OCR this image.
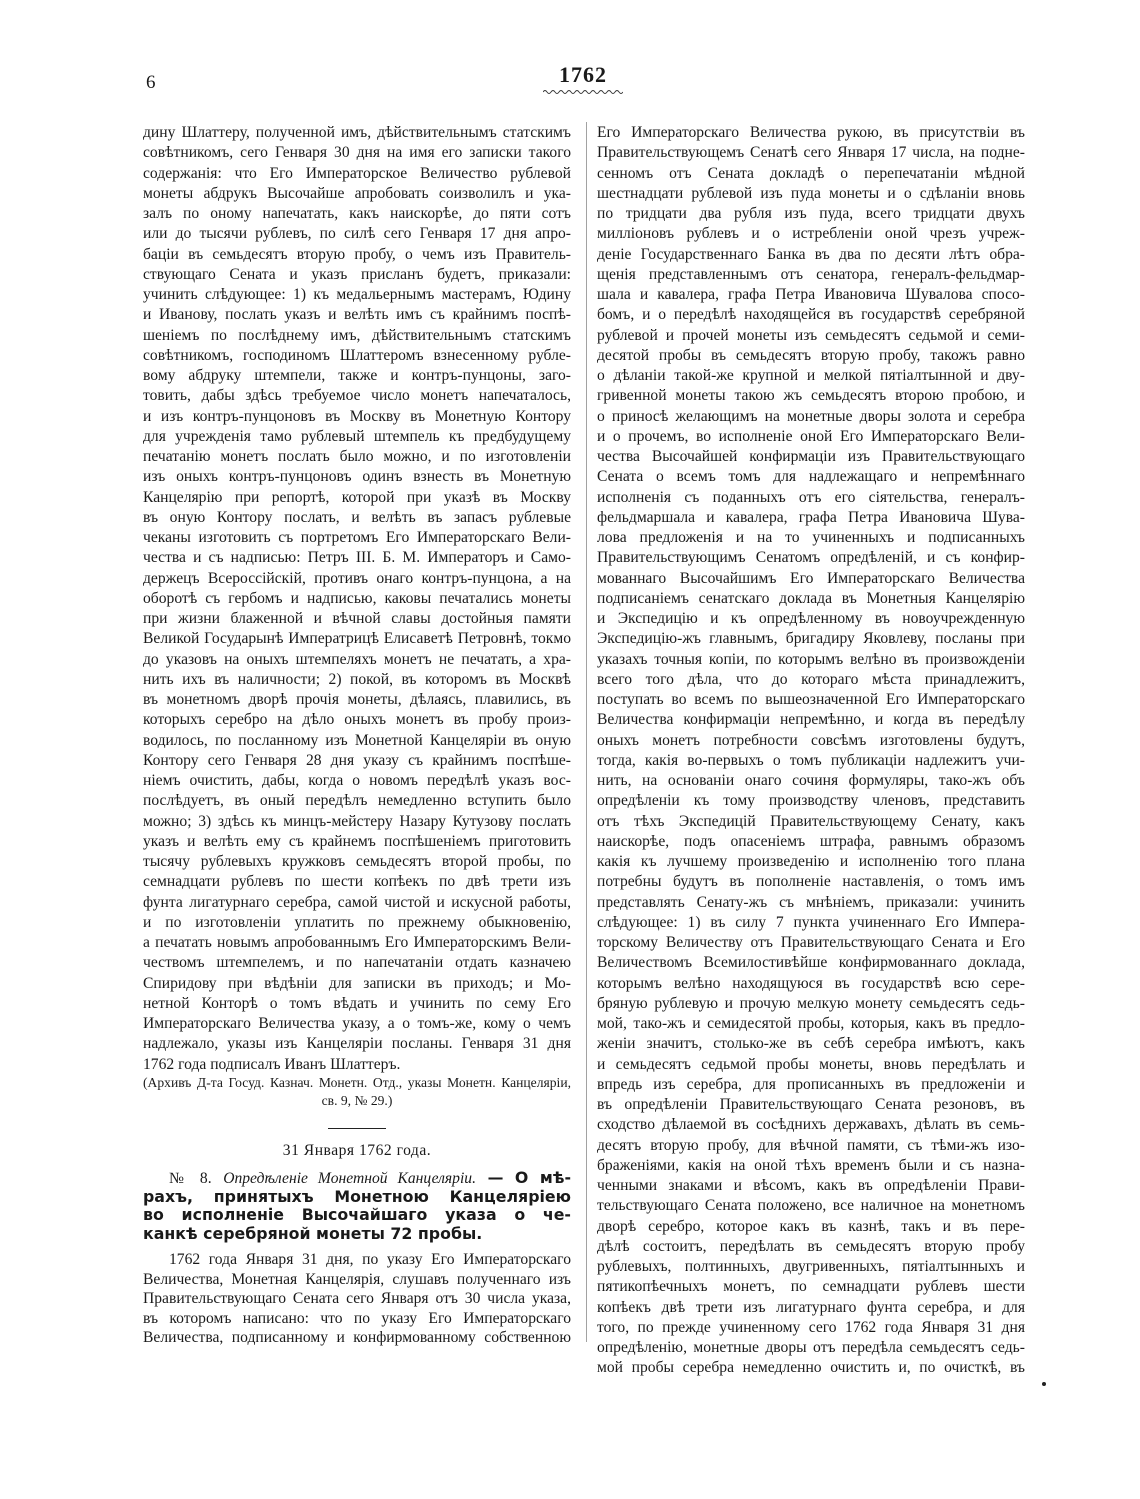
6	1762
дину Шлаттеру, полученной имъ, дѣйствительнымъ статскимъ
совѣтникомъ, сего Генваря 30 дня на имя его записки такого
содержанія: что Его Императорское Величество рублевой
монеты абдрукъ Высочайше апробовать соизволилъ и ука-
залъ по оному напечатать, какъ наискорѣе, до пяти сотъ
или до тысячи рублевъ, по силѣ сего Генваря 17 дня апро-
баціи въ семьдесятъ вторую пробу, о чемъ изъ Правитель-
ствующаго Сената и указъ присланъ будетъ, приказали:
учинить слѣдующее: 1) къ медальернымъ мастерамъ, Юдину
и Иванову, послать указъ и велѣть имъ съ крайнимъ поспѣ-
шеніемъ по послѣднему имъ, дѣйствительнымъ статскимъ
совѣтникомъ, господиномъ Шлаттеромъ взнесенному рубле-
вому абдруку штемпели, также и контръ-пунцоны, заго-
товить, дабы здѣсь требуемое число монетъ напечаталось,
и изъ контръ-пунцоновъ въ Москву въ Монетную Контору
для учрежденія тамо рублевый штемпель къ предбудущему
печатанію монетъ послать было можно, и по изготовленіи
изъ оныхъ контръ-пунцоновъ одинъ взнесть въ Монетную
Канцелярію при репортѣ, которой при указѣ въ Москву
въ оную Контору послать, и велѣть въ запасъ рублевые
чеканы изготовить съ портретомъ Его Императорскаго Вели-
чества и съ надписью: Петръ III. Б. М. Императоръ и Само-
держецъ Всероссійскій, противъ онаго контръ-пунцона, а на
оборотѣ съ гербомъ и надписью, каковы печатались монеты
при жизни блаженной и вѣчной славы достойныя памяти
Великой Государынѣ Императрицѣ Елисаветѣ Петровнѣ, токмо
до указовъ на оныхъ штемпеляхъ монетъ не печатать, а хра-
нить ихъ въ наличности; 2) покой, въ которомъ въ Москвѣ
въ монетномъ дворѣ прочія монеты, дѣлаясь, плавились, въ
которыхъ серебро на дѣло оныхъ монетъ въ пробу произ-
водилось, по посланному изъ Монетной Канцеляріи въ оную
Контору сего Генваря 28 дня указу съ крайнимъ поспѣше-
ніемъ очистить, дабы, когда о новомъ передѣлѣ указъ вос-
послѣдуетъ, въ оный передѣлъ немедленно вступить было
можно; 3) здѣсь къ минцъ-мейстеру Назару Кутузову послать
указъ и велѣть ему съ крайнемъ поспѣшеніемъ приготовить
тысячу рублевыхъ кружковъ семьдесятъ второй пробы, по
семнадцати рублевъ по шести копѣекъ по двѣ трети изъ
фунта лигатурнаго серебра, самой чистой и искусной работы,
и по изготовленіи уплатить по прежнему обыкновенію,
а печатать новымъ апробованнымъ Его Императорскимъ Вели-
чествомъ штемпелемъ, и по напечатаніи отдать казначею
Спиридову при вѣдѣніи для записки въ приходъ; и Мо-
нетной Конторѣ о томъ вѣдать и учинить по сему Его
Императорскаго Величества указу, а о томъ-же, кому о чемъ
надлежало, указы изъ Канцеляріи посланы. Генваря 31 дня
1762 года подписалъ Иванъ Шлаттеръ.
(Архивъ Д-та Госуд. Казнач. Монетн. Отд., указы Монетн. Канцеляріи,
св. 9, № 29.)
31 Января 1762 года.
№ 8. Опредѣленіе Монетной Канцеляріи. — О мѣ-
рахъ, принятыхъ Монетною Канцеляріею
во исполненіе Высочайшаго указа о че-
канкѣ серебряной монеты 72 пробы.
1762 года Января 31 дня, по указу Его Императорскаго
Величества, Монетная Канцелярія, слушавъ полученнаго изъ
Правительствующаго Сената сего Января отъ 30 числа указа,
въ которомъ написано: что по указу Его Императорскаго
Величества, подписанному и конфирмованному собственною
Его Императорскаго Величества рукою, въ присутствіи въ
Правительствующемъ Сенатѣ сего Января 17 числа, на подне-
сенномъ отъ Сената докладѣ о перепечатаніи мѣдной
шестнадцати рублевой изъ пуда монеты и о сдѣланіи вновь
по тридцати два рубля изъ пуда, всего тридцати двухъ
милліоновъ рублевъ и о истребленіи оной чрезъ учреж-
деніе Государственнаго Банка въ два по десяти лѣтъ обра-
щенія представленнымъ отъ сенатора, генералъ-фельдмар-
шала и кавалера, графа Петра Ивановича Шувалова спосо-
бомъ, и о передѣлѣ находящейся въ государствѣ серебряной
рублевой и прочей монеты изъ семьдесятъ седьмой и семи-
десятой пробы въ семьдесятъ вторую пробу, такожъ равно
о дѣланіи такой-же крупной и мелкой пятіалтынной и дву-
гривенной монеты такою жъ семьдесятъ второю пробою, и
о приносѣ желающимъ на монетные дворы золота и серебра
и о прочемъ, во исполненіе оной Его Императорскаго Вели-
чества Высочайшей конфирмаціи изъ Правительствующаго
Сената о всемъ томъ для надлежащаго и непремѣннаго
исполненія съ поданныхъ отъ его сіятельства, генералъ-
фельдмаршала и кавалера, графа Петра Ивановича Шува-
лова предложенія и на то учиненныхъ и подписанныхъ
Правительствующимъ Сенатомъ опредѣленій, и съ конфир-
мованнаго Высочайшимъ Его Императорскаго Величества
подписаніемъ сенатскаго доклада въ Монетныя Канцелярію
и Экспедицію и къ опредѣленному въ новоучрежденную
Экспедицію-жъ главнымъ, бригадиру Яковлеву, посланы при
указахъ точныя копіи, по которымъ велѣно въ произвожденіи
всего того дѣла, что до котораго мѣста принадлежитъ,
поступать во всемъ по вышеозначенной Его Императорскаго
Величества конфирмаціи непремѣнно, и когда въ передѣлу
оныхъ монетъ потребности совсѣмъ изготовлены будутъ,
тогда, какія во-первыхъ о томъ публикаціи надлежитъ учи-
нить, на основаніи онаго сочиня формуляры, тако-жъ объ
опредѣленіи къ тому производству членовъ, представить
отъ тѣхъ Экспедицій Правительствующему Сенату, какъ
наискорѣе, подъ опасеніемъ штрафа, равнымъ образомъ
какія къ лучшему произведенію и исполненію того плана
потребны будутъ въ пополненіе наставленія, о томъ имъ
представлять Сенату-жъ съ мнѣніемъ, приказали: учинить
слѣдующее: 1) въ силу 7 пункта учиненнаго Его Импера-
торскому Величеству отъ Правительствующаго Сената и Его
Величествомъ Всемилостивѣйше конфирмованнаго доклада,
которымъ велѣно находящуюся въ государствѣ всю сере-
бряную рублевую и прочую мелкую монету семьдесятъ седь-
мой, тако-жъ и семидесятой пробы, которыя, какъ въ предло-
женіи значитъ, столько-же въ себѣ серебра имѣютъ, какъ
и семьдесятъ седьмой пробы монеты, вновь передѣлать и
впредь изъ серебра, для прописанныхъ въ предложеніи и
въ опредѣленіи Правительствующаго Сената резоновъ, въ
сходство дѣлаемой въ сосѣднихъ державахъ, дѣлать въ семь-
десятъ вторую пробу, для вѣчной памяти, съ тѣми-жъ изо-
браженіями, какія на оной тѣхъ временъ были и съ назна-
ченными знаками и вѣсомъ, какъ въ опредѣленіи Прави-
тельствующаго Сената положено, все наличное на монетномъ
дворѣ серебро, которое какъ въ казнѣ, такъ и въ пере-
дѣлѣ состоитъ, передѣлать въ семьдесятъ вторую пробу
рублевыхъ, полтинныхъ, двугривенныхъ, пятіалтынныхъ и
пятикопѣечныхъ монетъ, по семнадцати рублевъ шести
копѣекъ двѣ трети изъ лигатурнаго фунта серебра, и для
того, по прежде учиненному сего 1762 года Января 31 дня
опредѣленію, монетные дворы отъ передѣла семьдесятъ седь-
мой пробы серебра немедленно очистить и, по очисткѣ, въ
